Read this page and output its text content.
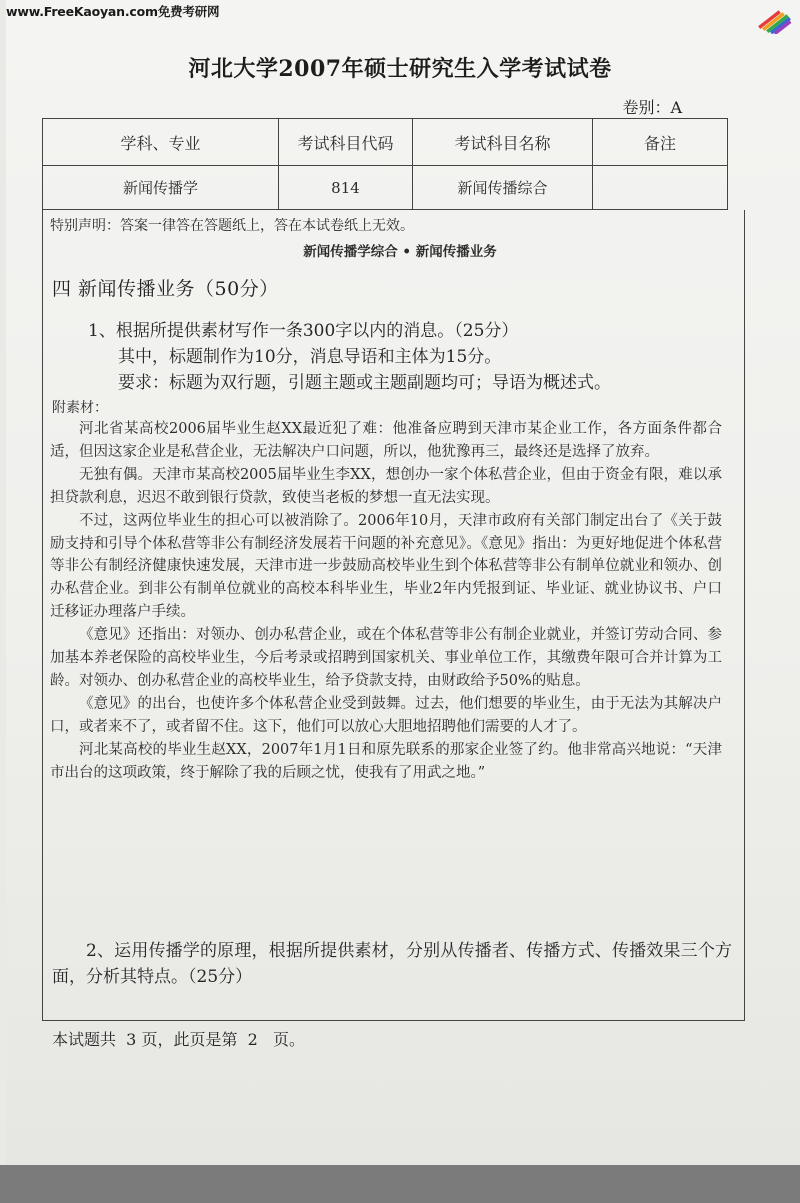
www.FreeKaoyan.com免费考研网
河北大学2007年硕士研究生入学考试试卷
卷别：A
学科、专业	考试科目代码	考试科目名称	备注
新闻传播学	814	新闻传播综合	
特别声明：答案一律答在答题纸上，答在本试卷纸上无效。
新闻传播学综合 • 新闻传播业务
四 新闻传播业务（50分）
1、根据所提供素材写作一条300字以内的消息。（25分）
其中，标题制作为10分，消息导语和主体为15分。
要求：标题为双行题，引题主题或主题副题均可；导语为概述式。
附素材：

河北省某高校2006届毕业生赵XX最近犯了难：他准备应聘到天津市某企业工作，各方面条件都合适，但因这家企业是私营企业，无法解决户口问题，所以，他犹豫再三，最终还是选择了放弃。

无独有偶。天津市某高校2005届毕业生李XX，想创办一家个体私营企业，但由于资金有限，难以承担贷款利息，迟迟不敢到银行贷款，致使当老板的梦想一直无法实现。

不过，这两位毕业生的担心可以被消除了。2006年10月，天津市政府有关部门制定出台了《关于鼓励支持和引导个体私营等非公有制经济发展若干问题的补充意见》。《意见》指出：为更好地促进个体私营等非公有制经济健康快速发展，天津市进一步鼓励高校毕业生到个体私营等非公有制单位就业和领办、创办私营企业。到非公有制单位就业的高校本科毕业生，毕业2年内凭报到证、毕业证、就业协议书、户口迁移证办理落户手续。

《意见》还指出：对领办、创办私营企业，或在个体私营等非公有制企业就业，并签订劳动合同、参加基本养老保险的高校毕业生，今后考录或招聘到国家机关、事业单位工作，其缴费年限可合并计算为工龄。对领办、创办私营企业的高校毕业生，给予贷款支持，由财政给予50%的贴息。

《意见》的出台，也使许多个体私营企业受到鼓舞。过去，他们想要的毕业生，由于无法为其解决户口，或者来不了，或者留不住。这下，他们可以放心大胆地招聘他们需要的人才了。

河北某高校的毕业生赵XX，2007年1月1日和原先联系的那家企业签了约。他非常高兴地说：“天津市出台的这项政策，终于解除了我的后顾之忧，使我有了用武之地。”

2、运用传播学的原理，根据所提供素材，分别从传播者、传播方式、传播效果三个方面，分析其特点。（25分）
本试题共  3 页，此页是第  2   页。
